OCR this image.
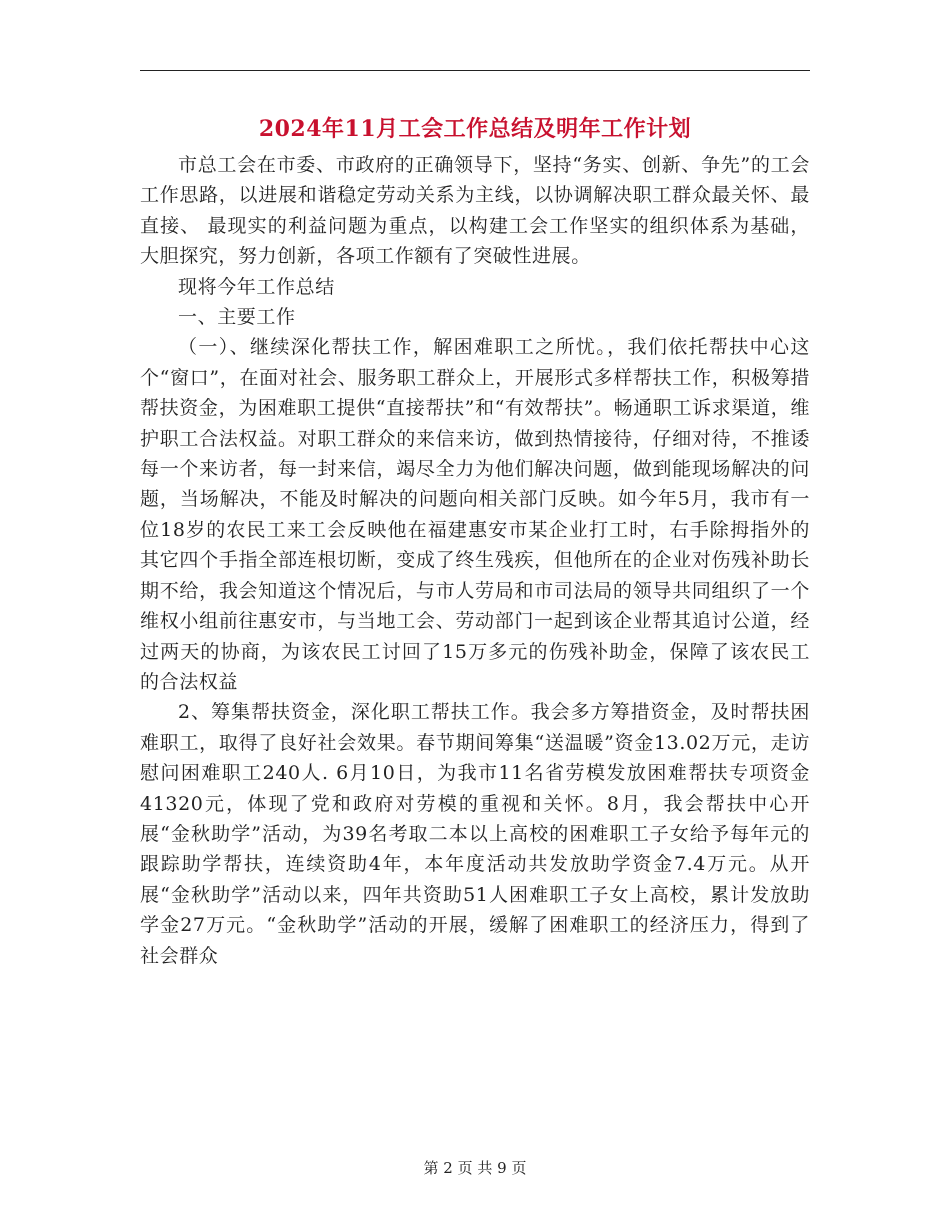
2024年11月工会工作总结及明年工作计划

市总工会在市委、市政府的正确领导下，坚持“务实、创新、争先”的工会工作思路，以进展和谐稳定劳动关系为主线，以协调解决职工群众最关怀、最直接、 最现实的利益问题为重点，以构建工会工作坚实的组织体系为基础，大胆探究，努力创新，各项工作额有了突破性进展。

现将今年工作总结

一、主要工作

（一）、继续深化帮扶工作，解困难职工之所忧。，我们依托帮扶中心这个“窗口”，在面对社会、服务职工群众上，开展形式多样帮扶工作，积极筹措帮扶资金，为困难职工提供“直接帮扶”和“有效帮扶”。畅通职工诉求渠道，维护职工合法权益。对职工群众的来信来访，做到热情接待，仔细对待，不推诿每一个来访者，每一封来信，竭尽全力为他们解决问题，做到能现场解决的问题，当场解决，不能及时解决的问题向相关部门反映。如今年5月，我市有一位18岁的农民工来工会反映他在福建惠安市某企业打工时，右手除拇指外的其它四个手指全部连根切断，变成了终生残疾，但他所在的企业对伤残补助长期不给，我会知道这个情况后，与市人劳局和市司法局的领导共同组织了一个维权小组前往惠安市，与当地工会、劳动部门一起到该企业帮其追讨公道，经过两天的协商，为该农民工讨回了15万多元的伤残补助金，保障了该农民工的合法权益

2、筹集帮扶资金，深化职工帮扶工作。我会多方筹措资金，及时帮扶困难职工，取得了良好社会效果。春节期间筹集“送温暖”资金13.02万元，走访慰问困难职工240人. 6月10日，为我市11名省劳模发放困难帮扶专项资金41320元，体现了党和政府对劳模的重视和关怀。8月，我会帮扶中心开展“金秋助学”活动，为39名考取二本以上高校的困难职工子女给予每年元的跟踪助学帮扶，连续资助4年，本年度活动共发放助学资金7.4万元。从开展“金秋助学”活动以来，四年共资助51人困难职工子女上高校，累计发放助学金27万元。“金秋助学”活动的开展，缓解了困难职工的经济压力，得到了社会群众

第 2 页 共 9 页
